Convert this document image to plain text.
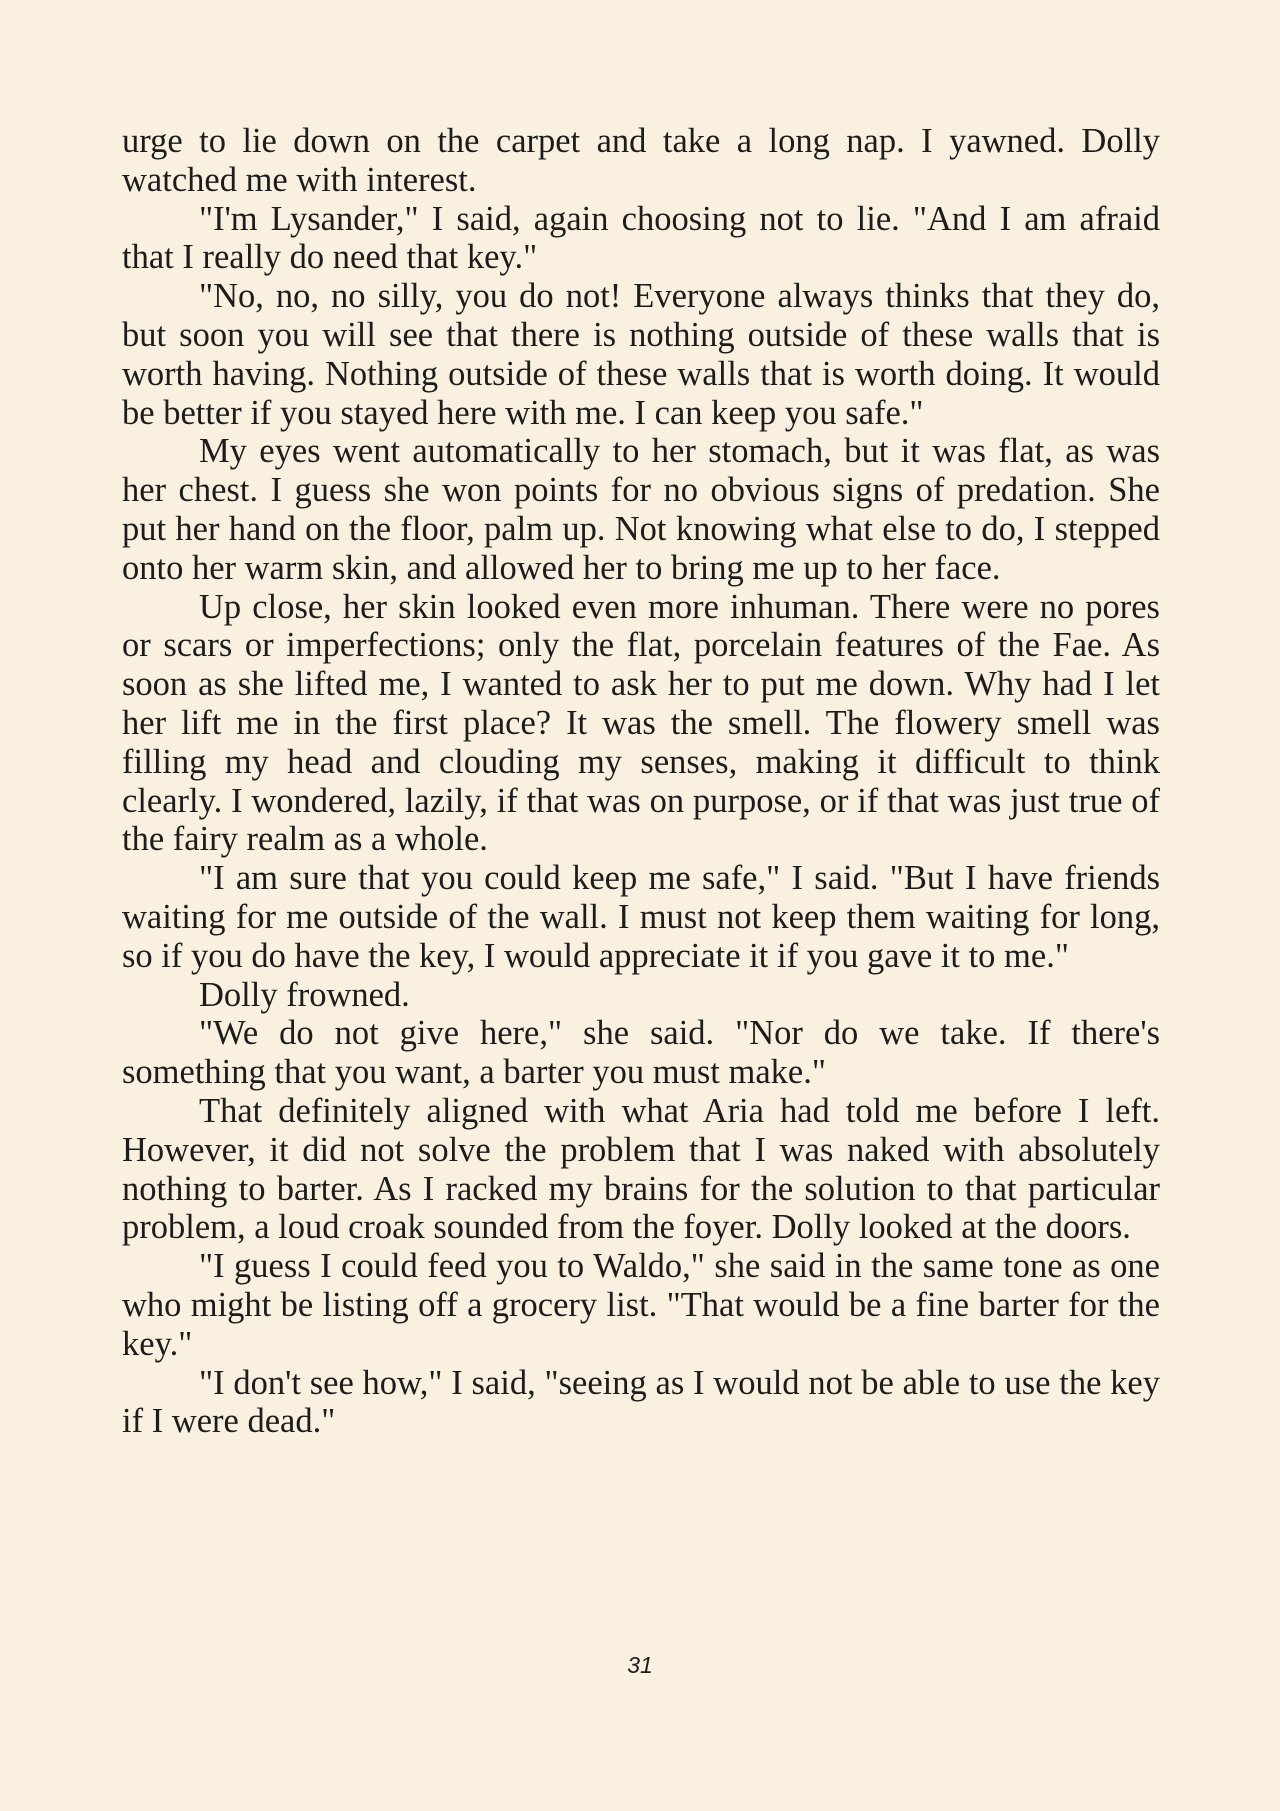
urge to lie down on the carpet and take a long nap. I yawned. Dolly watched me with interest.

"I'm Lysander," I said, again choosing not to lie. "And I am afraid that I really do need that key."

"No, no, no silly, you do not! Everyone always thinks that they do, but soon you will see that there is nothing outside of these walls that is worth having. Nothing outside of these walls that is worth doing. It would be better if you stayed here with me. I can keep you safe."

My eyes went automatically to her stomach, but it was flat, as was her chest. I guess she won points for no obvious signs of predation. She put her hand on the floor, palm up. Not knowing what else to do, I stepped onto her warm skin, and allowed her to bring me up to her face.

Up close, her skin looked even more inhuman. There were no pores or scars or imperfections; only the flat, porcelain features of the Fae. As soon as she lifted me, I wanted to ask her to put me down. Why had I let her lift me in the first place? It was the smell. The flowery smell was filling my head and clouding my senses, making it difficult to think clearly. I wondered, lazily, if that was on purpose, or if that was just true of the fairy realm as a whole.

"I am sure that you could keep me safe," I said. "But I have friends waiting for me outside of the wall. I must not keep them waiting for long, so if you do have the key, I would appreciate it if you gave it to me."

Dolly frowned.

"We do not give here," she said. "Nor do we take. If there's something that you want, a barter you must make."

That definitely aligned with what Aria had told me before I left. However, it did not solve the problem that I was naked with absolutely nothing to barter. As I racked my brains for the solution to that particular problem, a loud croak sounded from the foyer. Dolly looked at the doors.

"I guess I could feed you to Waldo," she said in the same tone as one who might be listing off a grocery list. "That would be a fine barter for the key."

"I don't see how," I said, "seeing as I would not be able to use the key if I were dead."

31
